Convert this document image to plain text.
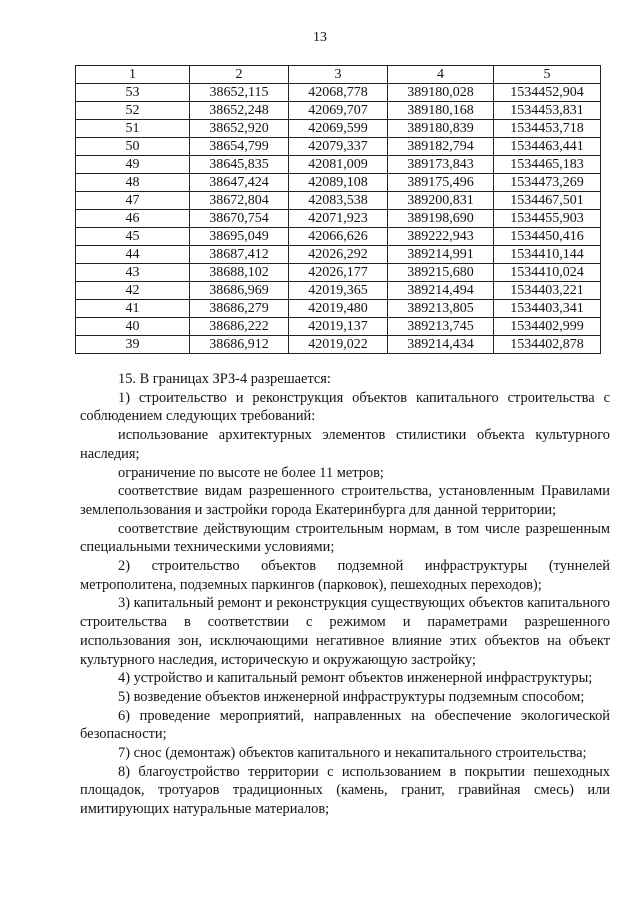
13
1	2	3	4	5
53	38652,115	42068,778	389180,028	1534452,904
52	38652,248	42069,707	389180,168	1534453,831
51	38652,920	42069,599	389180,839	1534453,718
50	38654,799	42079,337	389182,794	1534463,441
49	38645,835	42081,009	389173,843	1534465,183
48	38647,424	42089,108	389175,496	1534473,269
47	38672,804	42083,538	389200,831	1534467,501
46	38670,754	42071,923	389198,690	1534455,903
45	38695,049	42066,626	389222,943	1534450,416
44	38687,412	42026,292	389214,991	1534410,144
43	38688,102	42026,177	389215,680	1534410,024
42	38686,969	42019,365	389214,494	1534403,221
41	38686,279	42019,480	389213,805	1534403,341
40	38686,222	42019,137	389213,745	1534402,999
39	38686,912	42019,022	389214,434	1534402,878

15. В границах ЗРЗ-4 разрешается:

1) строительство и реконструкция объектов капитального строительства с соблюдением следующих требований:

использование архитектурных элементов стилистики объекта культурного наследия;

ограничение по высоте не более 11 метров;

соответствие видам разрешенного строительства, установленным Правилами землепользования и застройки города Екатеринбурга для данной территории;

соответствие действующим строительным нормам, в том числе разрешенным специальными техническими условиями;

2) строительство объектов подземной инфраструктуры (туннелей метрополитена, подземных паркингов (парковок), пешеходных переходов);

3) капитальный ремонт и реконструкция существующих объектов капитального строительства в соответствии с режимом и параметрами разрешенного использования зон, исключающими негативное влияние этих объектов на объект культурного наследия, историческую и окружающую застройку;

4) устройство и капитальный ремонт объектов инженерной инфраструктуры;

5) возведение объектов инженерной инфраструктуры подземным способом;

6) проведение мероприятий, направленных на обеспечение экологической безопасности;

7) снос (демонтаж) объектов капитального и некапитального строительства;

8) благоустройство территории с использованием в покрытии пешеходных площадок, тротуаров традиционных (камень, гранит, гравийная смесь) или имитирующих натуральные материалов;
